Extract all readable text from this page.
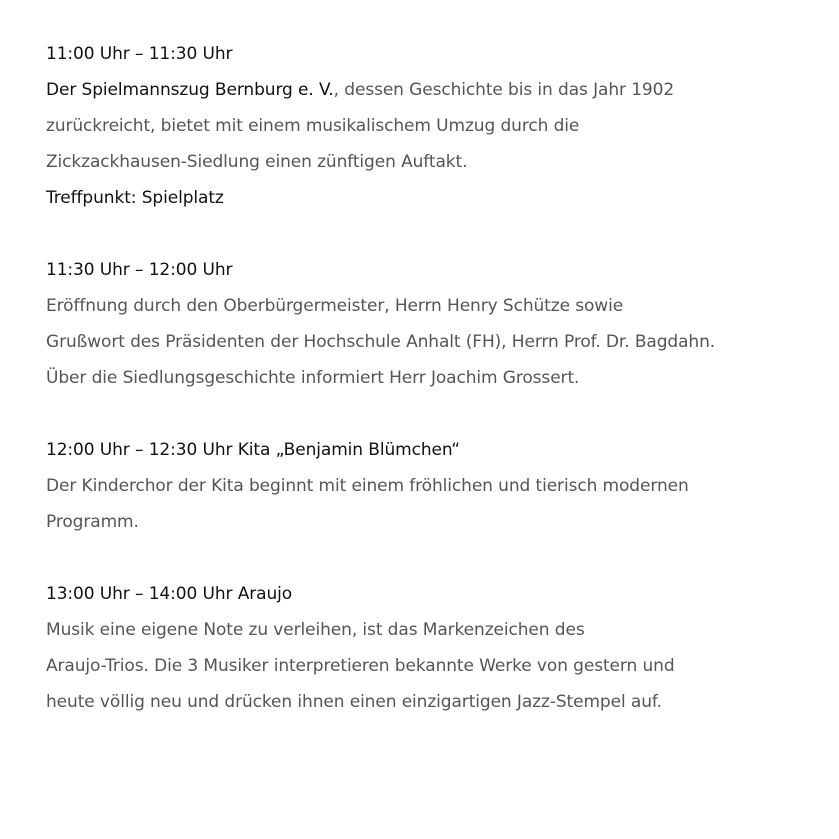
11:00 Uhr – 11:30 Uhr
Der Spielmannszug Bernburg e. V., dessen Geschichte bis in das Jahr 1902
zurückreicht, bietet mit einem musikalischem Umzug durch die
Zickzackhausen-Siedlung einen zünftigen Auftakt.
Treffpunkt: Spielplatz
11:30 Uhr – 12:00 Uhr
Eröffnung durch den Oberbürgermeister, Herrn Henry Schütze sowie
Grußwort des Präsidenten der Hochschule Anhalt (FH), Herrn Prof. Dr. Bagdahn.
Über die Siedlungsgeschichte informiert Herr Joachim Grossert.
12:00 Uhr – 12:30 Uhr Kita „Benjamin Blümchen“
Der Kinderchor der Kita beginnt mit einem fröhlichen und tierisch modernen
Programm.
13:00 Uhr – 14:00 Uhr Araujo
Musik eine eigene Note zu verleihen, ist das Markenzeichen des
Araujo-Trios. Die 3 Musiker interpretieren bekannte Werke von gestern und
heute völlig neu und drücken ihnen einen einzigartigen Jazz-Stempel auf.
